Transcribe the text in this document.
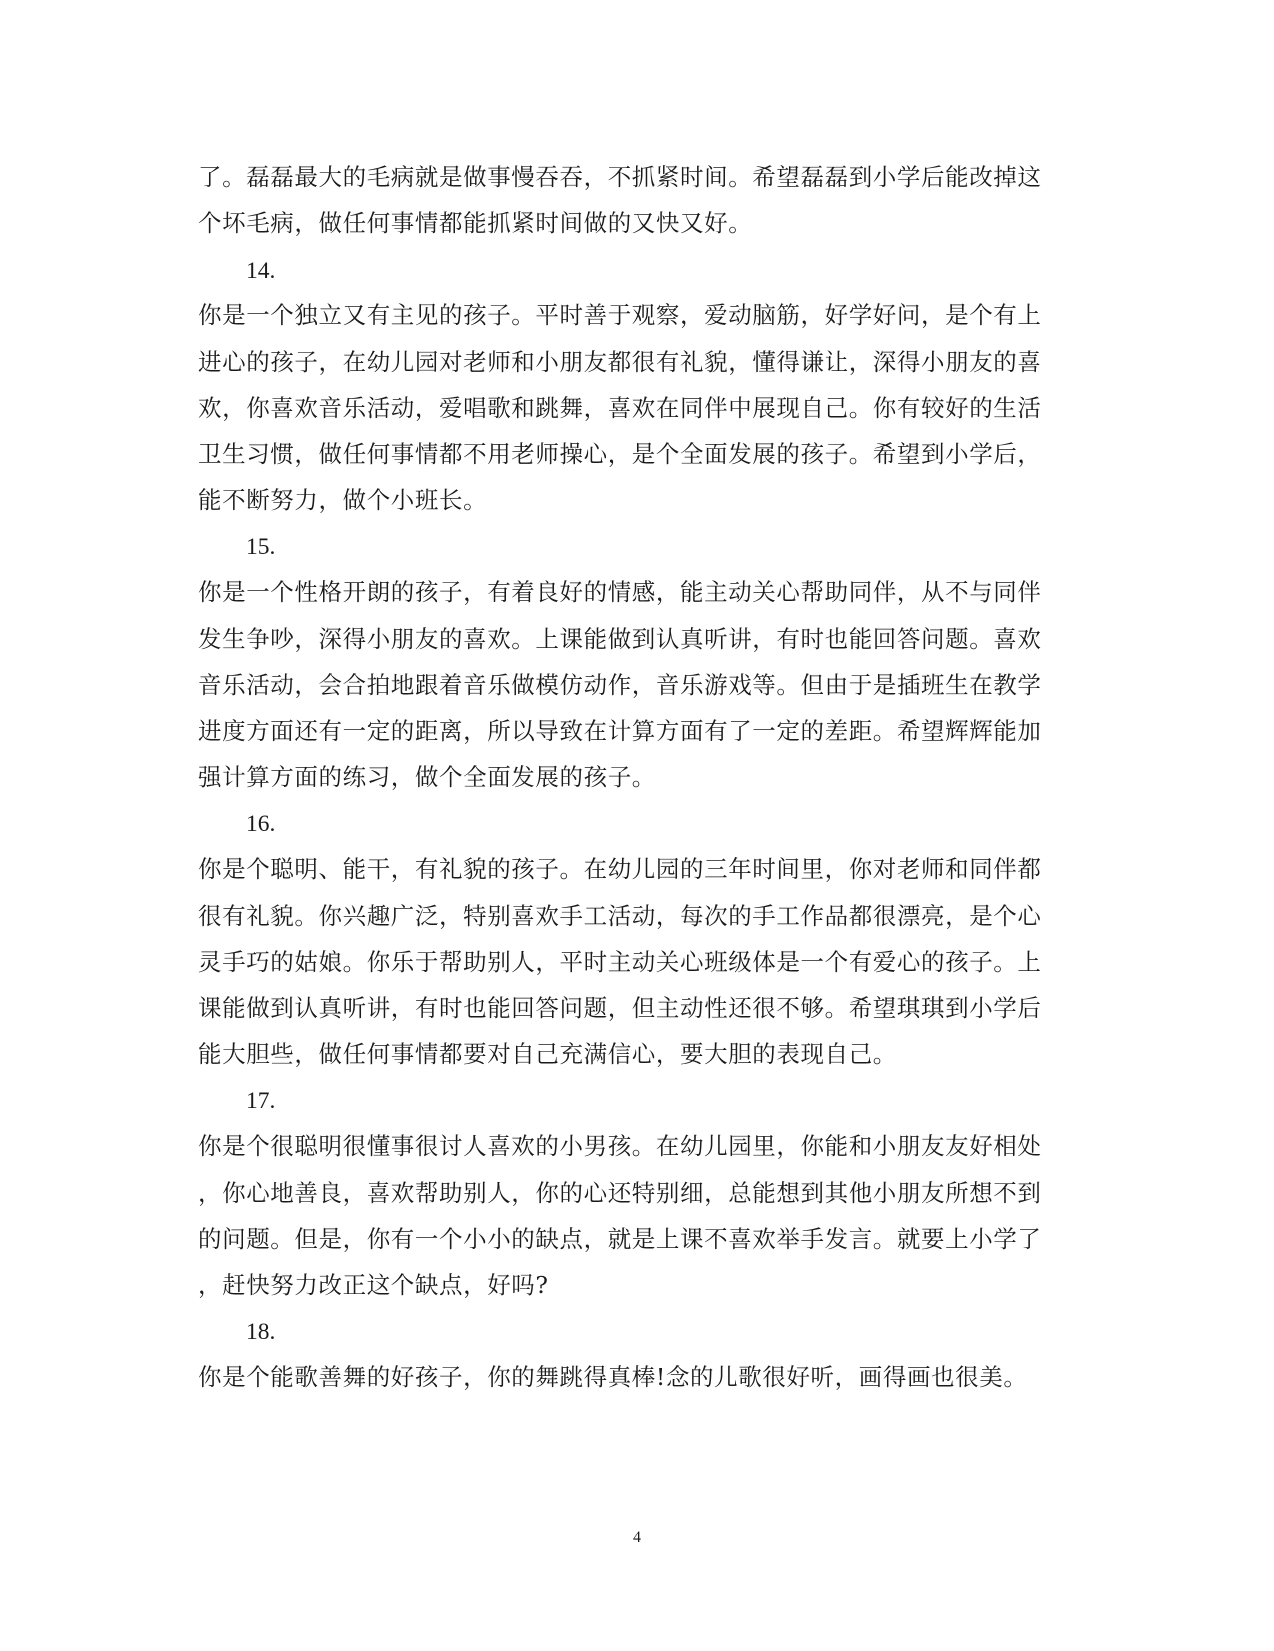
了。磊磊最大的毛病就是做事慢吞吞，不抓紧时间。希望磊磊到小学后能改掉这
个坏毛病，做任何事情都能抓紧时间做的又快又好。
14.
你是一个独立又有主见的孩子。平时善于观察，爱动脑筋，好学好问，是个有上
进心的孩子，在幼儿园对老师和小朋友都很有礼貌，懂得谦让，深得小朋友的喜
欢，你喜欢音乐活动，爱唱歌和跳舞，喜欢在同伴中展现自己。你有较好的生活
卫生习惯，做任何事情都不用老师操心，是个全面发展的孩子。希望到小学后，
能不断努力，做个小班长。
15.
你是一个性格开朗的孩子，有着良好的情感，能主动关心帮助同伴，从不与同伴
发生争吵，深得小朋友的喜欢。上课能做到认真听讲，有时也能回答问题。喜欢
音乐活动，会合拍地跟着音乐做模仿动作，音乐游戏等。但由于是插班生在教学
进度方面还有一定的距离，所以导致在计算方面有了一定的差距。希望辉辉能加
强计算方面的练习，做个全面发展的孩子。
16.
你是个聪明、能干，有礼貌的孩子。在幼儿园的三年时间里，你对老师和同伴都
很有礼貌。你兴趣广泛，特别喜欢手工活动，每次的手工作品都很漂亮，是个心
灵手巧的姑娘。你乐于帮助别人，平时主动关心班级体是一个有爱心的孩子。上
课能做到认真听讲，有时也能回答问题，但主动性还很不够。希望琪琪到小学后
能大胆些，做任何事情都要对自己充满信心，要大胆的表现自己。
17.
你是个很聪明很懂事很讨人喜欢的小男孩。在幼儿园里，你能和小朋友友好相处
，你心地善良，喜欢帮助别人，你的心还特别细，总能想到其他小朋友所想不到
的问题。但是，你有一个小小的缺点，就是上课不喜欢举手发言。就要上小学了
，赶快努力改正这个缺点，好吗?
18.
你是个能歌善舞的好孩子，你的舞跳得真棒!念的儿歌很好听，画得画也很美。
4
